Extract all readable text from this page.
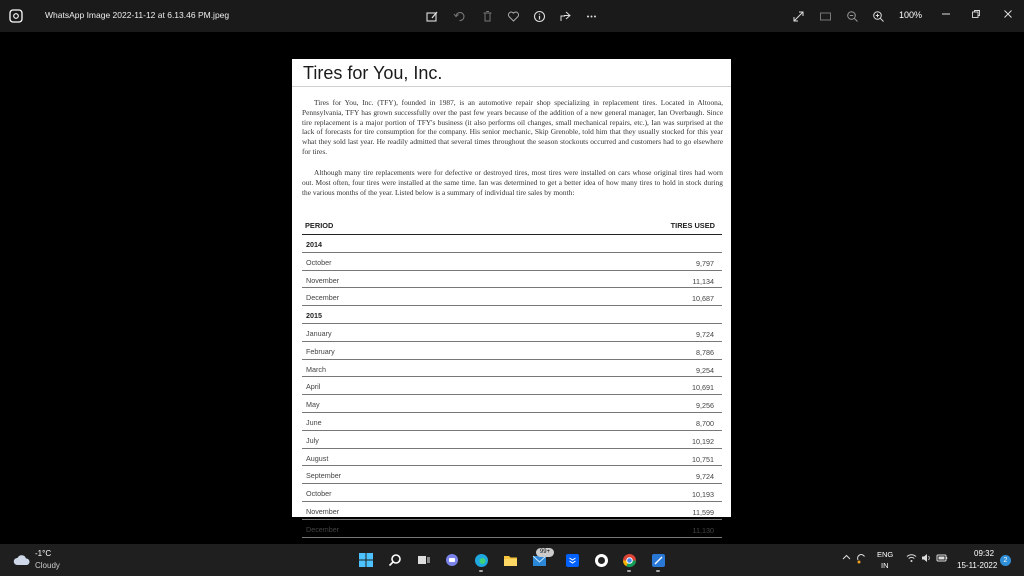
WhatsApp Image 2022-11-12 at 6.13.46 PM.jpeg	100%
Tires for You, Inc.
Tires for You, Inc. (TFY), founded in 1987, is an automotive repair shop specializing in replacement tires. Located in Altoona, Pennsylvania, TFY has grown successfully over the past few years because of the addition of a new general manager, Ian Overbaugh. Since tire replacement is a major portion of TFY's business (it also performs oil changes, small mechanical repairs, etc.), Ian was surprised at the lack of forecasts for tire consumption for the company. His senior mechanic, Skip Grenoble, told him that they usually stocked for this year what they sold last year. He readily admitted that several times throughout the season stockouts occurred and customers had to go elsewhere for tires.
Although many tire replacements were for defective or destroyed tires, most tires were installed on cars whose original tires had worn out. Most often, four tires were installed at the same time. Ian was determined to get a better idea of how many tires to hold in stock during the various months of the year. Listed below is a summary of individual tire sales by month:
PERIOD	TIRES USED
2014
October	9,797
November	11,134
December	10,687
2015
January	9,724
February	8,786
March	9,254
April	10,691
May	9,256
June	8,700
July	10,192
August	10,751
September	9,724
October	10,193
November	11,599
December	11,130
-1°C
Cloudy
99+	ENG
IN
09:32
15-11-2022
2
